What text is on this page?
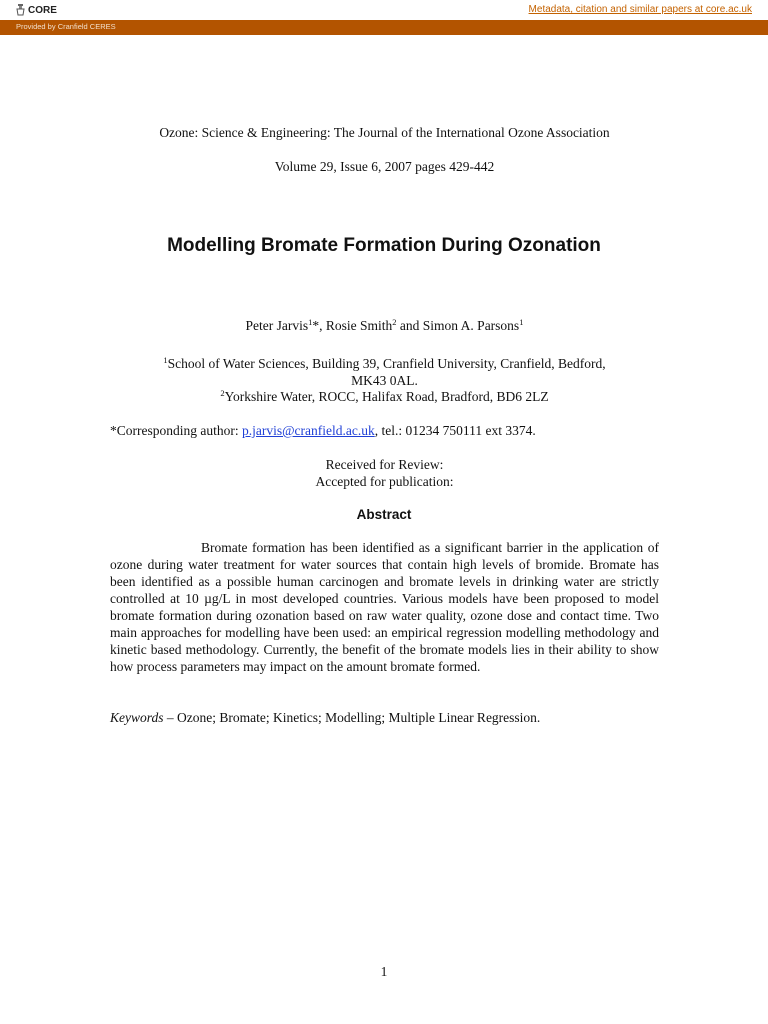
CORE	Metadata, citation and similar papers at core.ac.uk
Provided by Cranfield CERES
Ozone: Science & Engineering: The Journal of the International Ozone Association
Volume 29, Issue 6, 2007 pages 429-442
Modelling Bromate Formation During Ozonation
Peter Jarvis$^1$*, Rosie Smith$^2$ and Simon A. Parsons$^1$
$^1$School of Water Sciences, Building 39, Cranfield University, Cranfield, Bedford,
MK43 0AL.
$^2$Yorkshire Water, ROCC, Halifax Road, Bradford, BD6 2LZ
*Corresponding author: p.jarvis@cranfield.ac.uk, tel.: 01234 750111 ext 3374.
Received for Review:
Accepted for publication:
Abstract
Bromate formation has been identified as a significant barrier in the application of ozone during water treatment for water sources that contain high levels of bromide. Bromate has been identified as a possible human carcinogen and bromate levels in drinking water are strictly controlled at 10 µg/L in most developed countries. Various models have been proposed to model bromate formation during ozonation based on raw water quality, ozone dose and contact time. Two main approaches for modelling have been used: an empirical regression modelling methodology and kinetic based methodology. Currently, the benefit of the bromate models lies in their ability to show how process parameters may impact on the amount bromate formed.
Keywords – Ozone; Bromate; Kinetics; Modelling; Multiple Linear Regression.
1
